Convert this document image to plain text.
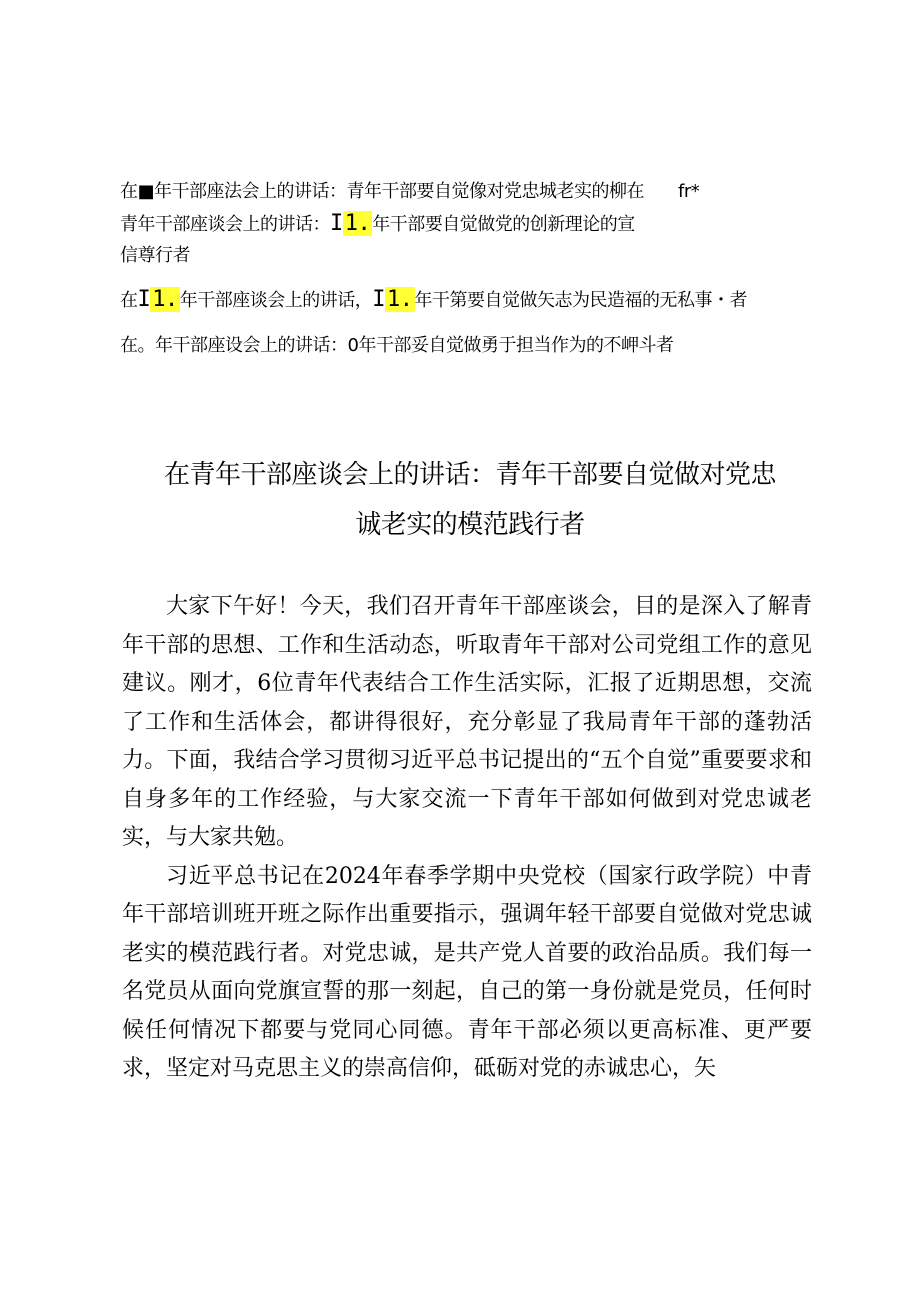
在■年干部座法会上的讲话：青年干部要自觉像对党忠城老实的柳在 fr*
青年干部座谈会上的讲话：I1. 年干部要自觉做党的创新理论的宣
信尊行者
在I1. 年干部座谈会上的讲话，I1. 年干第要自觉做矢志为民造福的无私事・者
在。年干部座设会上的讲话：0年干部妥自觉做勇于担当作为的不岬斗者
在青年干部座谈会上的讲话：青年干部要自觉做对党忠
诚老实的模范践行者

大家下午好！今天，我们召开青年干部座谈会，目的是深入了解青年干部的思想、工作和生活动态，听取青年干部对公司党组工作的意见建议。刚才，6位青年代表结合工作生活实际，汇报了近期思想，交流了工作和生活体会，都讲得很好，充分彰显了我局青年干部的蓬勃活力。下面，我结合学习贯彻习近平总书记提出的“五个自觉”重要要求和自身多年的工作经验，与大家交流一下青年干部如何做到对党忠诚老实，与大家共勉。

习近平总书记在2024年春季学期中央党校（国家行政学院）中青年干部培训班开班之际作出重要指示，强调年轻干部要自觉做对党忠诚老实的模范践行者。对党忠诚，是共产党人首要的政治品质。我们每一名党员从面向党旗宣誓的那一刻起，自己的第一身份就是党员，任何时候任何情况下都要与党同心同德。青年干部必须以更高标准、更严要求，坚定对马克思主义的崇高信仰，砥砺对党的赤诚忠心，矢
